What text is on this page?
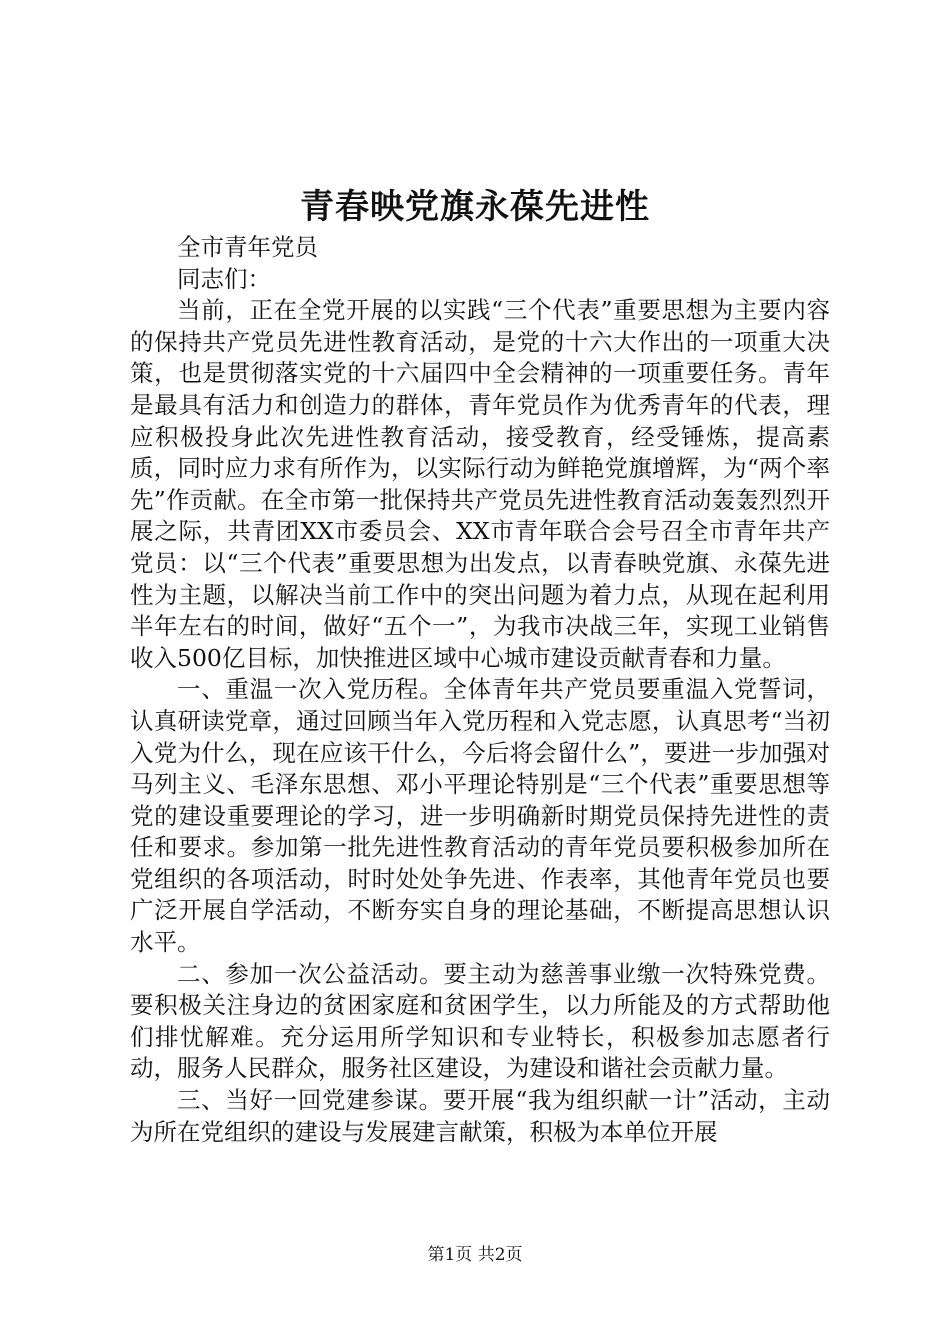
青春映党旗永葆先进性

全市青年党员

同志们：

当前，正在全党开展的以实践“三个代表”重要思想为主要内容的保持共产党员先进性教育活动，是党的十六大作出的一项重大决策，也是贯彻落实党的十六届四中全会精神的一项重要任务。青年是最具有活力和创造力的群体，青年党员作为优秀青年的代表，理应积极投身此次先进性教育活动，接受教育，经受锤炼，提高素质，同时应力求有所作为，以实际行动为鲜艳党旗增辉，为“两个率先”作贡献。在全市第一批保持共产党员先进性教育活动轰轰烈烈开展之际，共青团XX市委员会、XX市青年联合会号召全市青年共产党员：以“三个代表”重要思想为出发点，以青春映党旗、永葆先进性为主题，以解决当前工作中的突出问题为着力点，从现在起利用半年左右的时间，做好“五个一”，为我市决战三年，实现工业销售收入500亿目标，加快推进区域中心城市建设贡献青春和力量。

一、重温一次入党历程。全体青年共产党员要重温入党誓词，认真研读党章，通过回顾当年入党历程和入党志愿，认真思考“当初入党为什么，现在应该干什么，今后将会留什么”，要进一步加强对马列主义、毛泽东思想、邓小平理论特别是“三个代表”重要思想等党的建设重要理论的学习，进一步明确新时期党员保持先进性的责任和要求。参加第一批先进性教育活动的青年党员要积极参加所在党组织的各项活动，时时处处争先进、作表率，其他青年党员也要广泛开展自学活动，不断夯实自身的理论基础，不断提高思想认识水平。

二、参加一次公益活动。要主动为慈善事业缴一次特殊党费。要积极关注身边的贫困家庭和贫困学生，以力所能及的方式帮助他们排忧解难。充分运用所学知识和专业特长，积极参加志愿者行动，服务人民群众，服务社区建设，为建设和谐社会贡献力量。

三、当好一回党建参谋。要开展“我为组织献一计”活动，主动为所在党组织的建设与发展建言献策，积极为本单位开展

第1页 共2页
